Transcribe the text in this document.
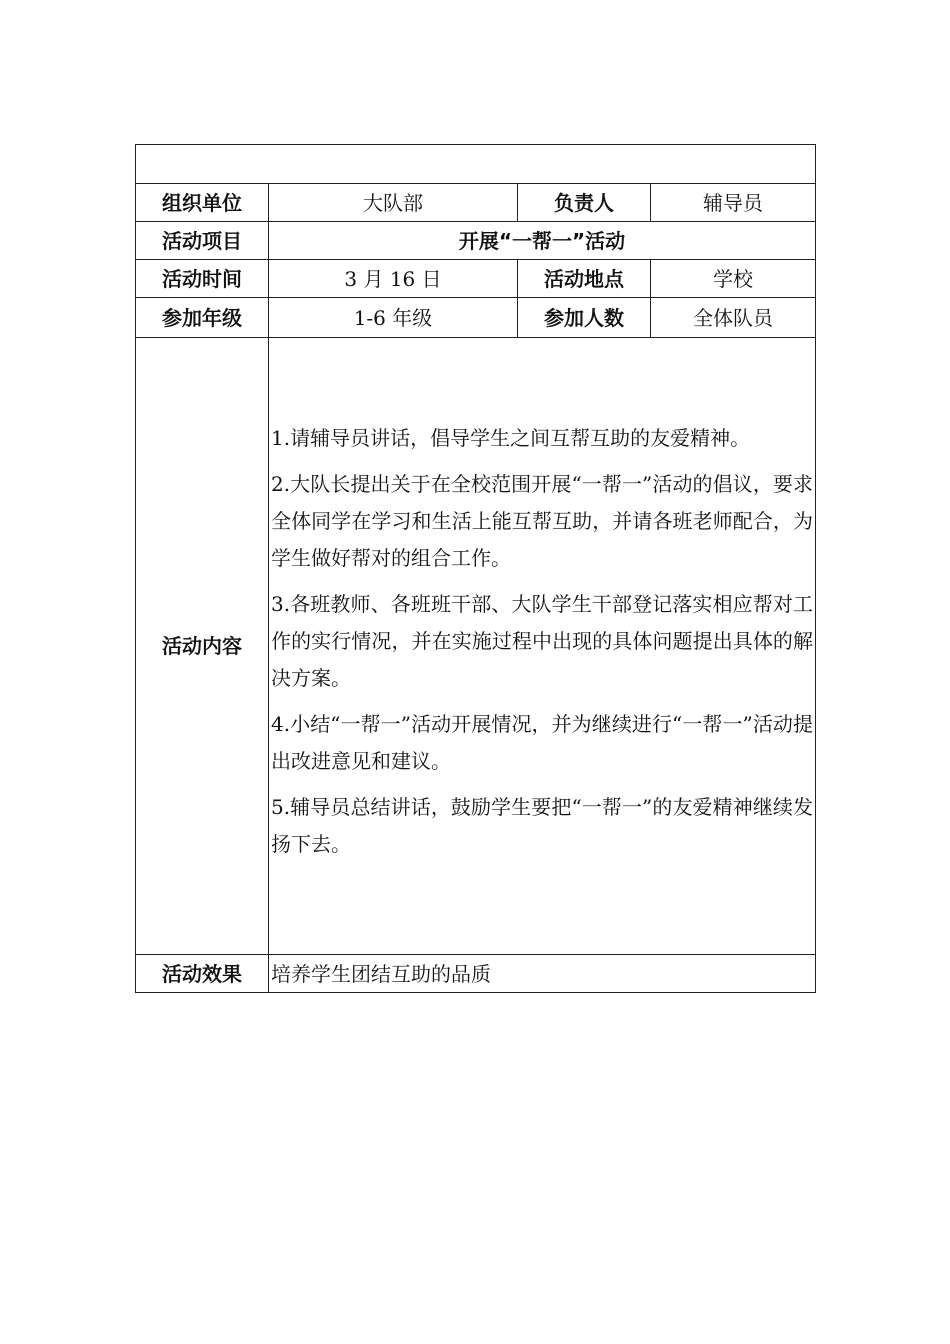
组织单位	大队部	负责人	辅导员
活动项目	开展“一帮一”活动		
活动时间	3 月 16 日	活动地点	学校
参加年级	1-6 年级	参加人数	全体队员
活动内容	1.请辅导员讲话，倡导学生之间互帮互助的友爱精神。

2.大队长提出关于在全校范围开展“一帮一”活动的倡议，要求全体同学在学习和生活上能互帮互助，并请各班老师配合，为学生做好帮对的组合工作。

3.各班教师、各班班干部、大队学生干部登记落实相应帮对工作的实行情况，并在实施过程中出现的具体问题提出具体的解决方案。

4.小结“一帮一”活动开展情况，并为继续进行“一帮一”活动提出改进意见和建议。

5.辅导员总结讲话，鼓励学生要把“一帮一”的友爱精神继续发扬下去。		

活动效果	培养学生团结互助的品质		
